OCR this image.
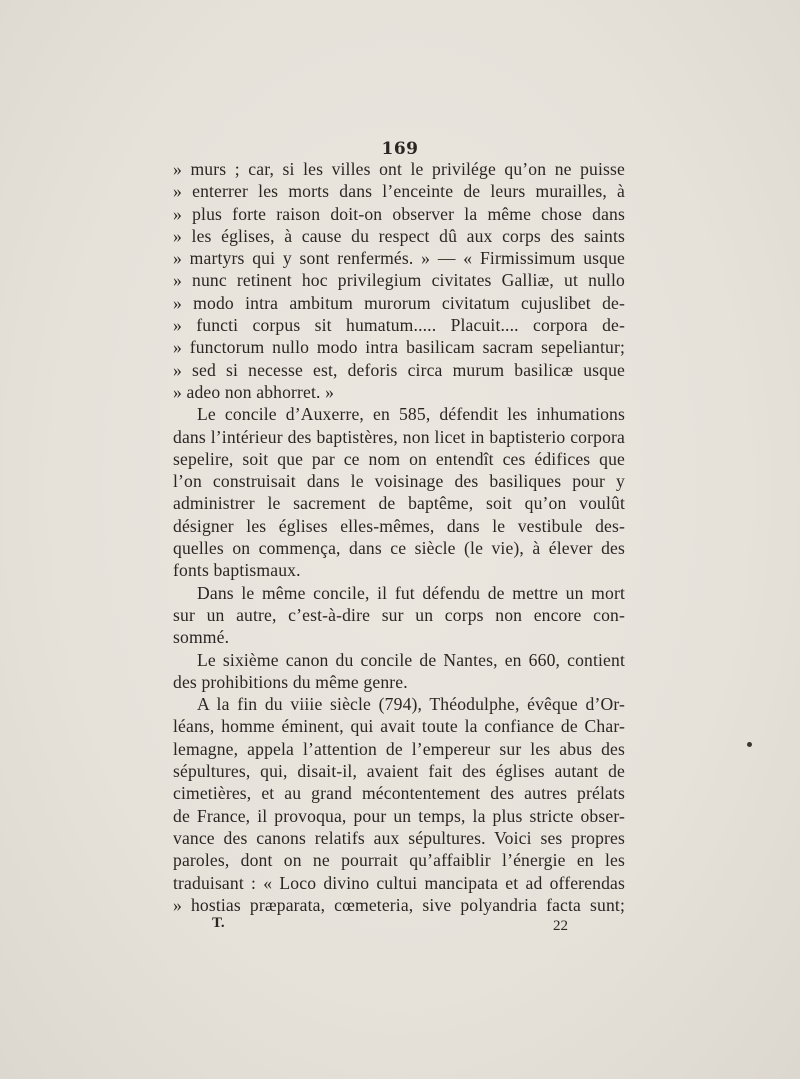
169
» murs ; car, si les villes ont le privilége qu’on ne puisse
» enterrer les morts dans l’enceinte de leurs murailles, à
» plus forte raison doit-on observer la même chose dans
» les églises, à cause du respect dû aux corps des saints
» martyrs qui y sont renfermés. » — « Firmissimum usque
» nunc retinent hoc privilegium civitates Galliæ, ut nullo
» modo intra ambitum murorum civitatum cujuslibet de-
» functi corpus sit humatum..... Placuit.... corpora de-
» functorum nullo modo intra basilicam sacram sepeliantur;
» sed si necesse est, deforis circa murum basilicæ usque
» adeo non abhorret. »
Le concile d’Auxerre, en 585, défendit les inhumations
dans l’intérieur des baptistères, non licet in baptisterio corpora
sepelire, soit que par ce nom on entendît ces édifices que
l’on construisait dans le voisinage des basiliques pour y
administrer le sacrement de baptême, soit qu’on voulût
désigner les églises elles-mêmes, dans le vestibule des-
quelles on commença, dans ce siècle (le vie), à élever des
fonts baptismaux.
Dans le même concile, il fut défendu de mettre un mort
sur un autre, c’est-à-dire sur un corps non encore con-
sommé.
Le sixième canon du concile de Nantes, en 660, contient
des prohibitions du même genre.
A la fin du viiie siècle (794), Théodulphe, évêque d’Or-
léans, homme éminent, qui avait toute la confiance de Char-
lemagne, appela l’attention de l’empereur sur les abus des
sépultures, qui, disait-il, avaient fait des églises autant de
cimetières, et au grand mécontentement des autres prélats
de France, il provoqua, pour un temps, la plus stricte obser-
vance des canons relatifs aux sépultures. Voici ses propres
paroles, dont on ne pourrait qu’affaiblir l’énergie en les
traduisant : « Loco divino cultui mancipata et ad offerendas
» hostias præparata, cœmeteria, sive polyandria facta sunt;
T.	22
